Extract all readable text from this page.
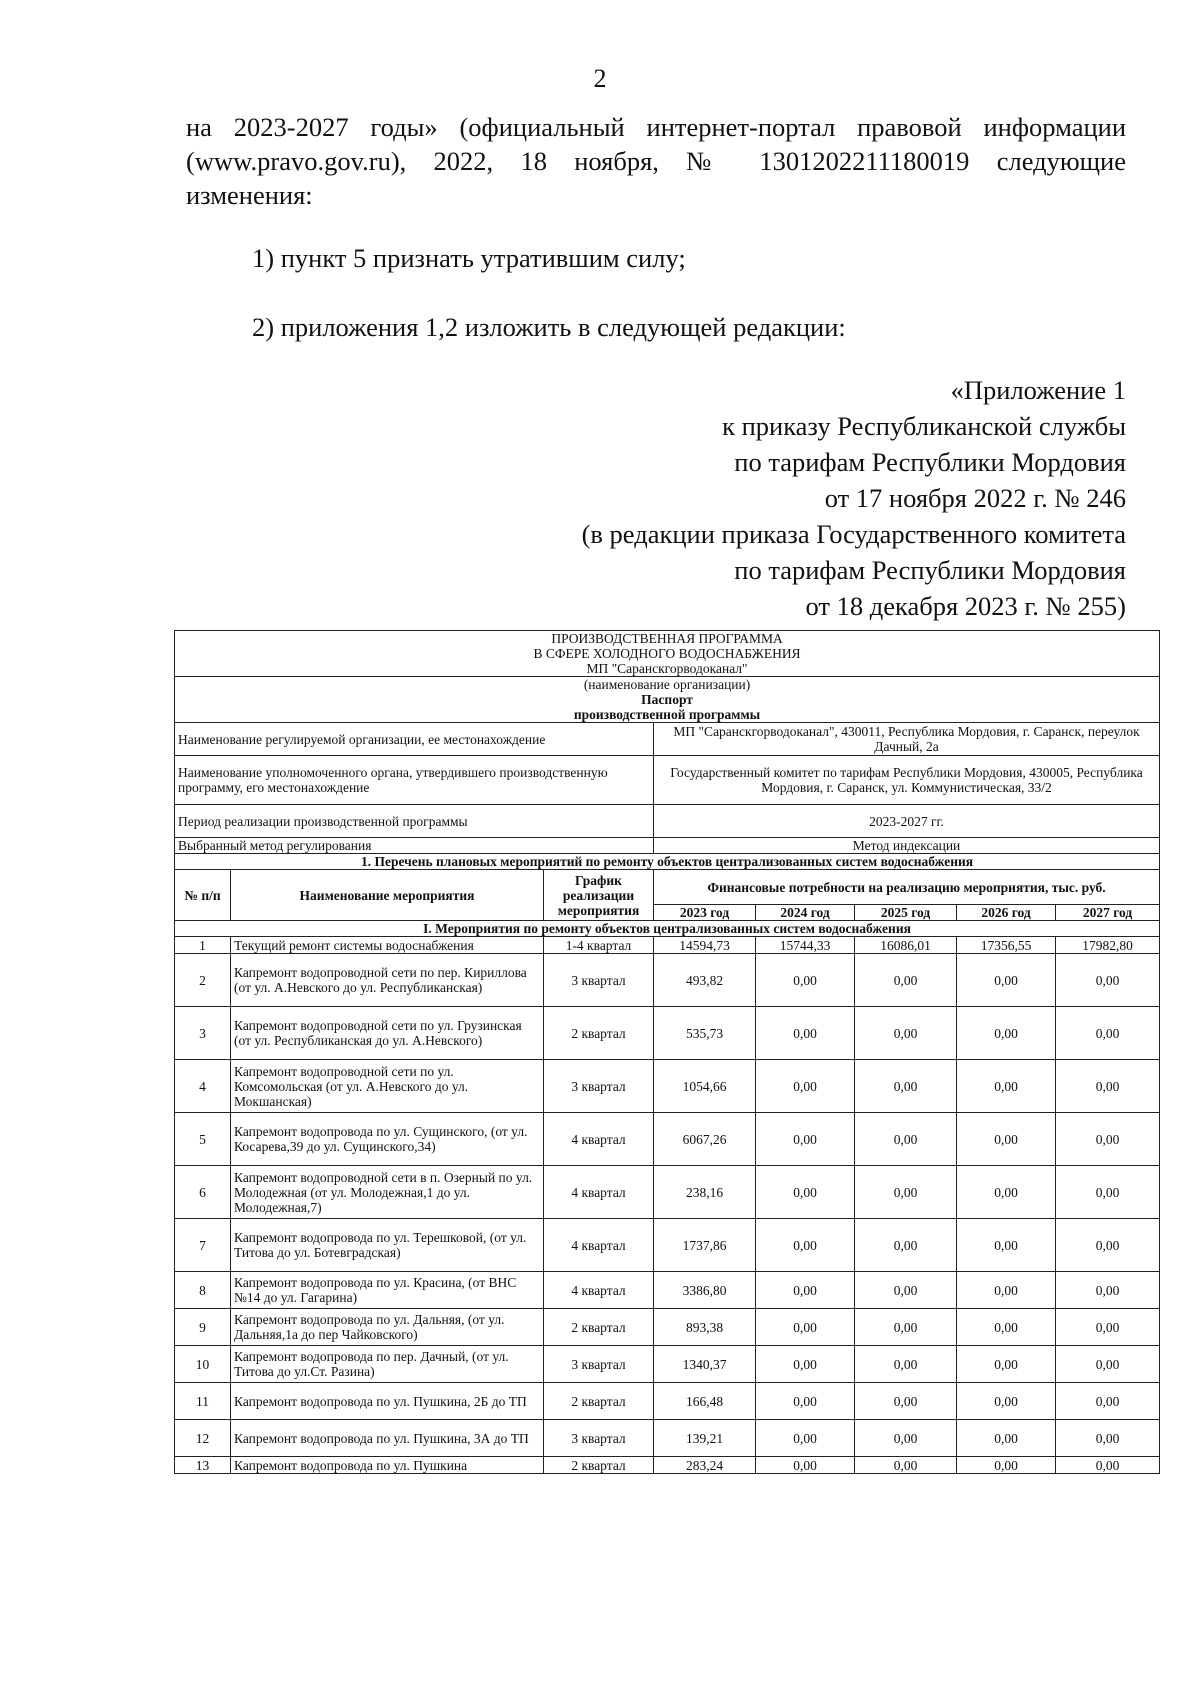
2
на 2023-2027 годы» (официальный интернет-портал правовой информации
(www.pravo.gov.ru), 2022, 18 ноября, № 1301202211180019 следующие
изменения:
1) пункт 5 признать утратившим силу;
2) приложения 1,2 изложить в следующей редакции:
«Приложение 1
к приказу Республиканской службы
по тарифам Республики Мордовия
от 17 ноября 2022 г. № 246
(в редакции приказа Государственного комитета
по тарифам Республики Мордовия
от 18 декабря 2023 г. № 255)
ПРОИЗВОДСТВЕННАЯ ПРОГРАММА
В СФЕРЕ ХОЛОДНОГО ВОДОСНАБЖЕНИЯ
МП "Саранскгорводоканал"							

(наименование организации)
Паспорт
производственной программы							

Наименование регулируемой организации, ее местонахождение			МП "Саранскгорводоканал", 430011, Республика Мордовия, г. Саранск, переулок Дачный, 2а				
Наименование уполномоченного органа, утвердившего производственную программу, его местонахождение			Государственный комитет по тарифам Республики Мордовия, 430005, Республика Мордовия, г. Саранск, ул. Коммунистическая, 33/2				
Период реализации производственной программы			2023-2027 гг.				
Выбранный метод регулирования			Метод индексации				
1. Перечень плановых мероприятий по ремонту объектов централизованных систем водоснабжения							
№ п/п	Наименование мероприятия	График реализации мероприятия	Финансовые потребности на реализацию мероприятия, тыс. руб.				
			2023 год	2024 год	2025 год	2026 год	2027 год
I. Мероприятия по ремонту объектов централизованных систем водоснабжения							
1	Текущий ремонт системы водоснабжения	1-4 квартал	14594,73	15744,33	16086,01	17356,55	17982,80
2	Капремонт водопроводной сети по пер. Кириллова (от ул. А.Невского до ул. Республиканская)	3 квартал	493,82	0,00	0,00	0,00	0,00
3	Капремонт водопроводной сети по ул. Грузинская (от ул. Республиканская до ул. А.Невского)	2 квартал	535,73	0,00	0,00	0,00	0,00
4	Капремонт водопроводной сети по ул. Комсомольская (от ул. А.Невского до ул. Мокшанская)	3 квартал	1054,66	0,00	0,00	0,00	0,00
5	Капремонт водопровода по ул. Сущинского, (от ул. Косарева,39 до ул. Сущинского,34)	4 квартал	6067,26	0,00	0,00	0,00	0,00
6	Капремонт водопроводной сети в п. Озерный по ул. Молодежная (от ул. Молодежная,1 до ул. Молодежная,7)	4 квартал	238,16	0,00	0,00	0,00	0,00
7	Капремонт водопровода по ул. Терешковой, (от ул. Титова до ул. Ботевградская)	4 квартал	1737,86	0,00	0,00	0,00	0,00
8	Капремонт водопровода по ул. Красина, (от ВНС №14 до ул. Гагарина)	4 квартал	3386,80	0,00	0,00	0,00	0,00
9	Капремонт водопровода по ул. Дальняя, (от ул. Дальняя,1а до пер Чайковского)	2 квартал	893,38	0,00	0,00	0,00	0,00
10	Капремонт водопровода по пер. Дачный, (от ул. Титова до ул.Ст. Разина)	3 квартал	1340,37	0,00	0,00	0,00	0,00
11	Капремонт водопровода по ул. Пушкина, 2Б до ТП	2 квартал	166,48	0,00	0,00	0,00	0,00
12	Капремонт водопровода по ул. Пушкина, 3А до ТП	3 квартал	139,21	0,00	0,00	0,00	0,00
13	Капремонт водопровода по ул. Пушкина	2 квартал	283,24	0,00	0,00	0,00	0,00
